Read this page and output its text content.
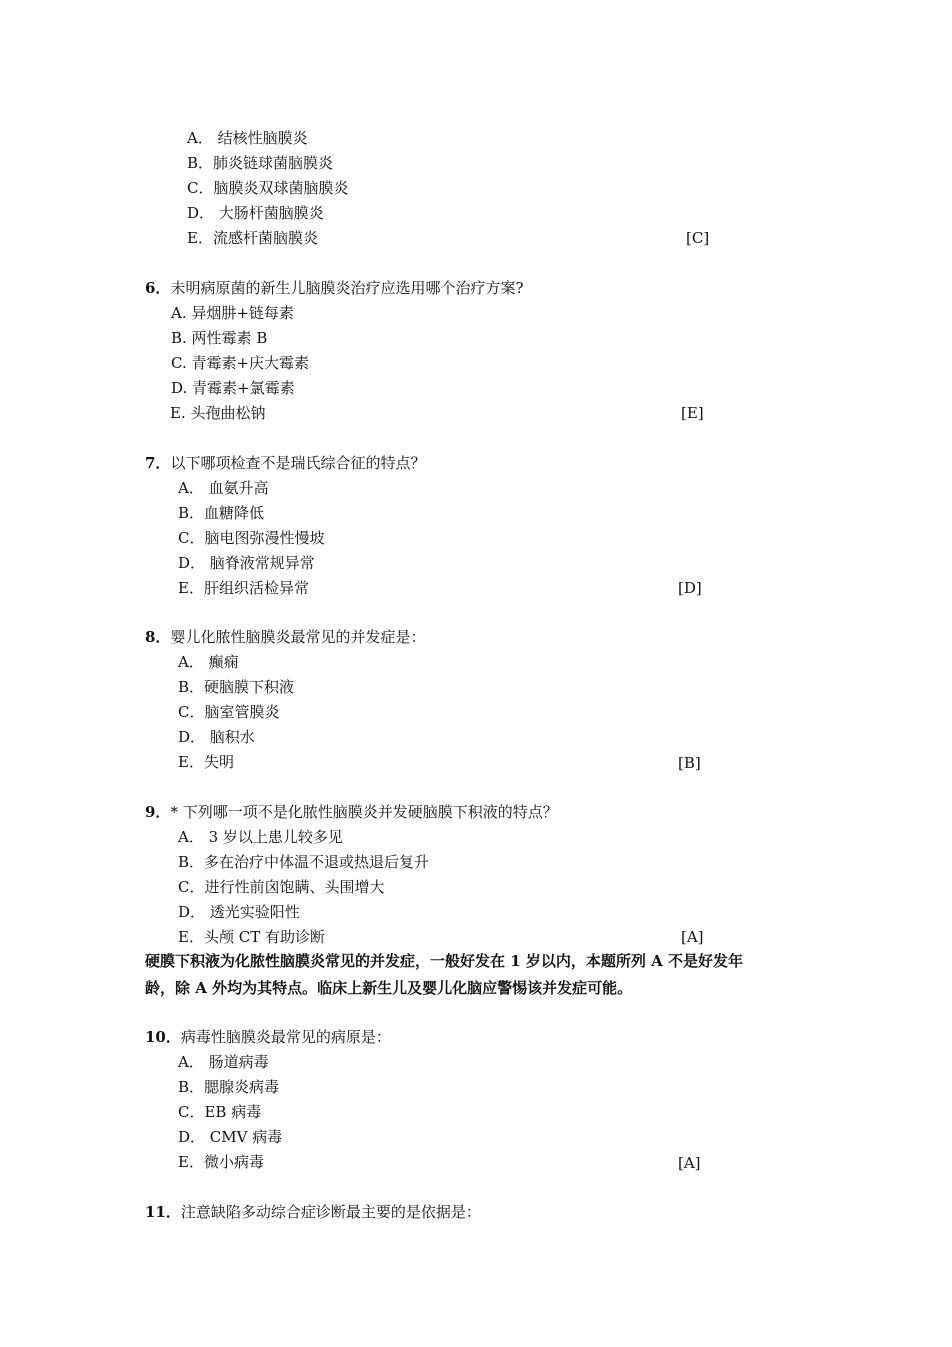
A． 结核性脑膜炎
B．肺炎链球菌脑膜炎
C．脑膜炎双球菌脑膜炎
D． 大肠杆菌脑膜炎
E．流感杆菌脑膜炎	[C]
6．未明病原菌的新生儿脑膜炎治疗应选用哪个治疗方案?
A. 异烟肼+链每素
B. 两性霉素 B
C. 青霉素+庆大霉素
D. 青霉素+氯霉素
E. 头孢曲松钠	[E]
7．以下哪项检查不是瑞氏综合征的特点？
A． 血氨升高
B．血糖降低
C．脑电图弥漫性慢坡
D． 脑脊液常规异常
E．肝组织活检异常	[D]
8．婴儿化脓性脑膜炎最常见的并发症是：
A． 癫痫
B．硬脑膜下积液
C．脑室管膜炎
D． 脑积水
E．失明	[B]
9．* 下列哪一项不是化脓性脑膜炎并发硬脑膜下积液的特点？
A． 3 岁以上患儿较多见
B．多在治疗中体温不退或热退后复升
C．进行性前囟饱瞒、头围增大
D． 透光实验阳性
E．头颅 CT 有助诊断	[A]
硬膜下积液为化脓性脑膜炎常见的并发症，一般好发在 1 岁以内，本题所列 A 不是好发年
龄，除 A 外均为其特点。临床上新生儿及婴儿化脑应警惕该并发症可能。
10．病毒性脑膜炎最常见的病原是：
A． 肠道病毒
B．腮腺炎病毒
C．EB 病毒
D． CMV 病毒
E．微小病毒	[A]
11．注意缺陷多动综合症诊断最主要的是依据是：
